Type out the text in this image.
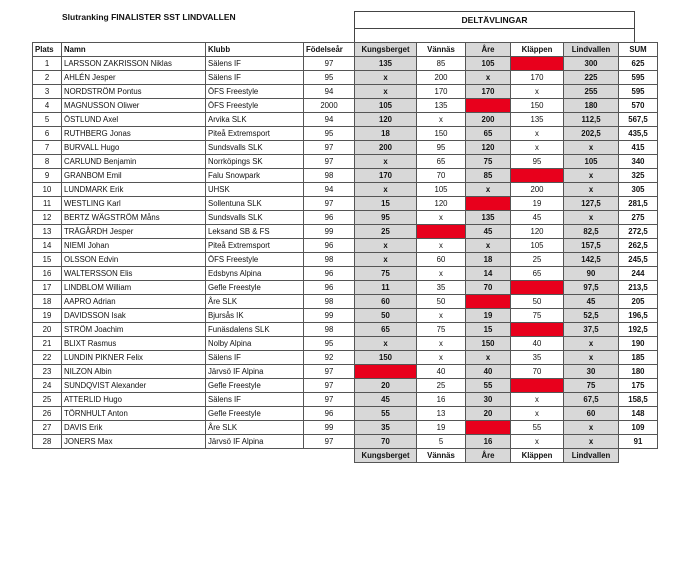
Slutranking FINALISTER SST LINDVALLEN	DELTÄVLINGAR
Plats	Namn	Klubb	Födelseår	Kungsberget	Vännäs	Åre	Kläppen	Lindvallen	SUM
1	LARSSON ZAKRISSON Niklas	Sälens IF	97	135	85	105	85	300	625
2	AHLÉN Jesper	Sälens IF	95	x	200	x	170	225	595
3	NORDSTRÖM Pontus	ÖFS Freestyle	94	x	170	170	x	255	595
4	MAGNUSSON Oliwer	ÖFS Freestyle	2000	105	135	85	150	180	570
5	ÖSTLUND Axel	Arvika SLK	94	120	x	200	135	112,5	567,5
6	RUTHBERG Jonas	Piteå Extremsport	95	18	150	65	x	202,5	435,5
7	BURVALL Hugo	Sundsvalls SLK	97	200	95	120	x	x	415
8	CARLUND Benjamin	Norrköpings SK	97	x	65	75	95	105	340
9	GRANBOM Emil	Falu Snowpark	98	170	70	85	60	x	325
10	LUNDMARK Erik	UHSK	94	x	105	x	200	x	305
11	WESTLING Karl	Sollentuna SLK	97	15	120	12	19	127,5	281,5
12	BERTZ WÄGSTRÖM Måns	Sundsvalls SLK	96	95	x	135	45	x	275
13	TRÄGÅRDH Jesper	Leksand SB & FS	99	25	18	45	120	82,5	272,5
14	NIEMI Johan	Piteå Extremsport	96	x	x	x	105	157,5	262,5
15	OLSSON Edvin	ÖFS Freestyle	98	x	60	18	25	142,5	245,5
16	WALTERSSON Elis	Edsbyns Alpina	96	75	x	14	65	90	244
17	LINDBLOM William	Gefle Freestyle	96	11	35	70	6	97,5	213,5
18	AAPRO Adrian	Åre SLK	98	60	50	35	50	45	205
19	DAVIDSSON Isak	Bjursås IK	99	50	x	19	75	52,5	196,5
20	STRÖM Joachim	Funäsdalens SLK	98	65	75	15	13	37,5	192,5
21	BLIXT Rasmus	Nolby Alpina	95	x	x	150	40	x	190
22	LUNDIN PIKNER Felix	Sälens IF	92	150	x	x	35	x	185
23	NILZON Albin	Järvsö IF Alpina	97	19	40	40	70	30	180
24	SUNDQVIST Alexander	Gefle Freestyle	97	20	25	55	17	75	175
25	ATTERLID Hugo	Sälens IF	97	45	16	30	x	67,5	158,5
26	TÖRNHULT Anton	Gefle Freestyle	96	55	13	20	x	60	148
27	DAVIS Erik	Åre SLK	99	35	19	11	55	x	109
28	JONERS Max	Järvsö IF Alpina	97	70	5	16	x	x	91
				Kungsberget	Vännäs	Åre	Kläppen	Lindvallen	
